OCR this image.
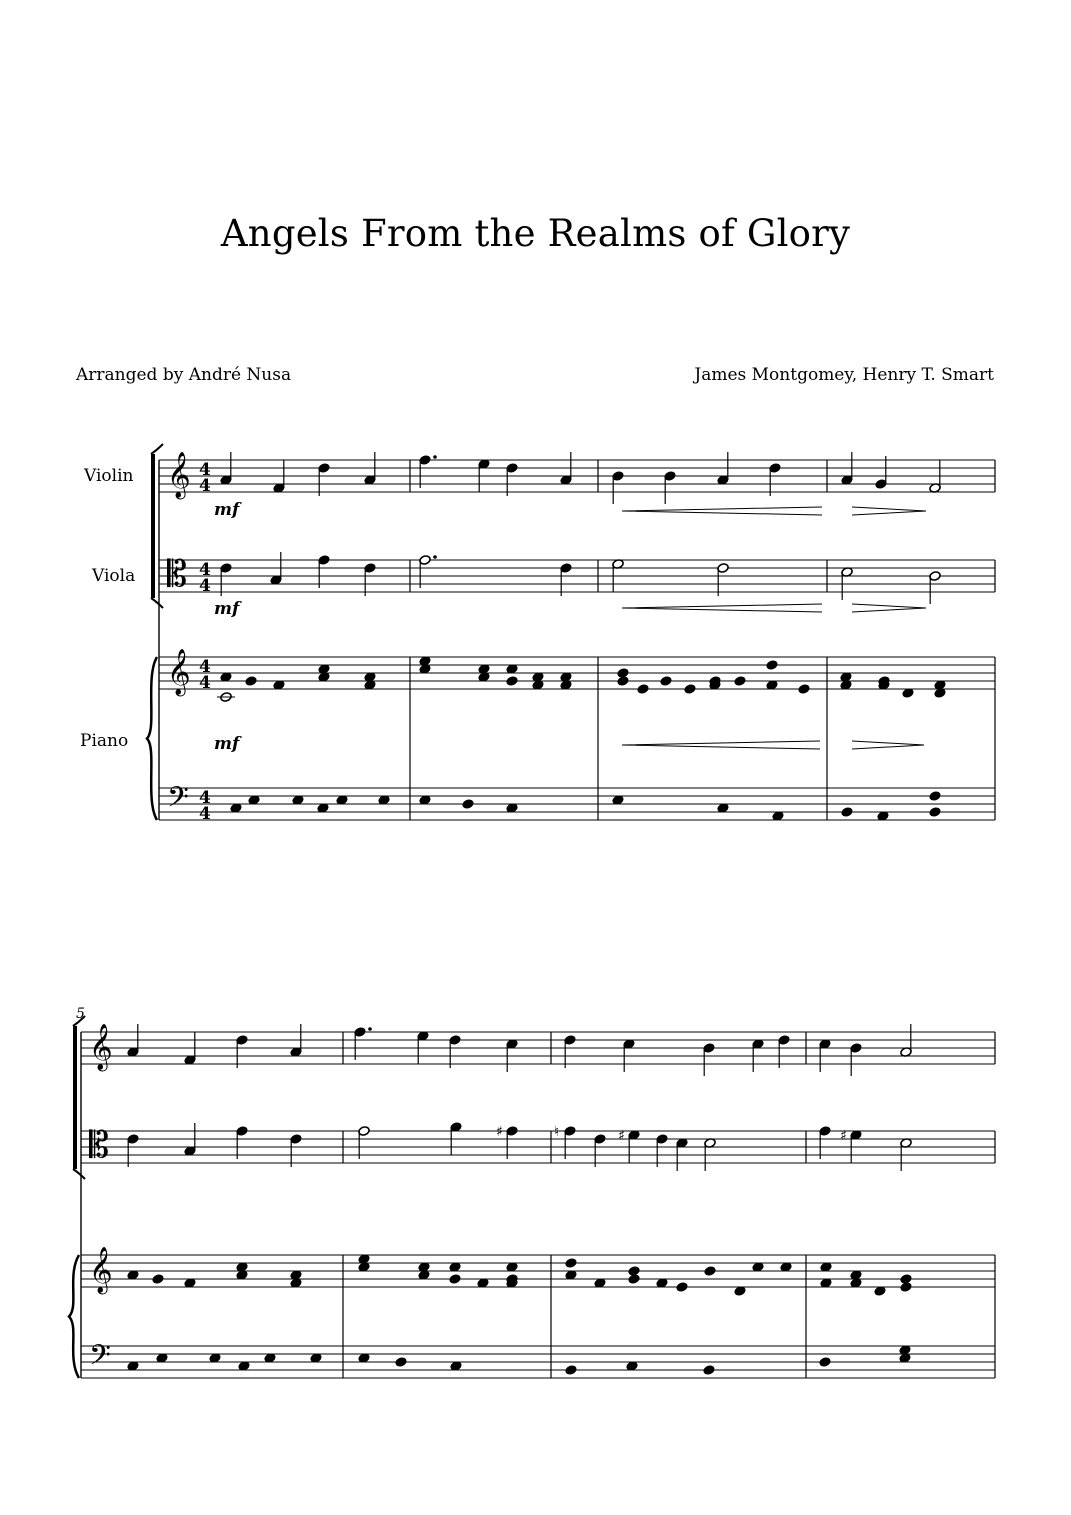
Angels From the Realms of Glory
Arranged by André Nusa	James Montgomey, Henry T. Smart
Violin
Viola
Piano
5
𝄞
𝄡
𝄞
𝄢
4
4
4
4
4
4
4
4
𝄞
𝄡
𝄞
𝄢
♯	♮	♯	♯
mf
mf
mf
